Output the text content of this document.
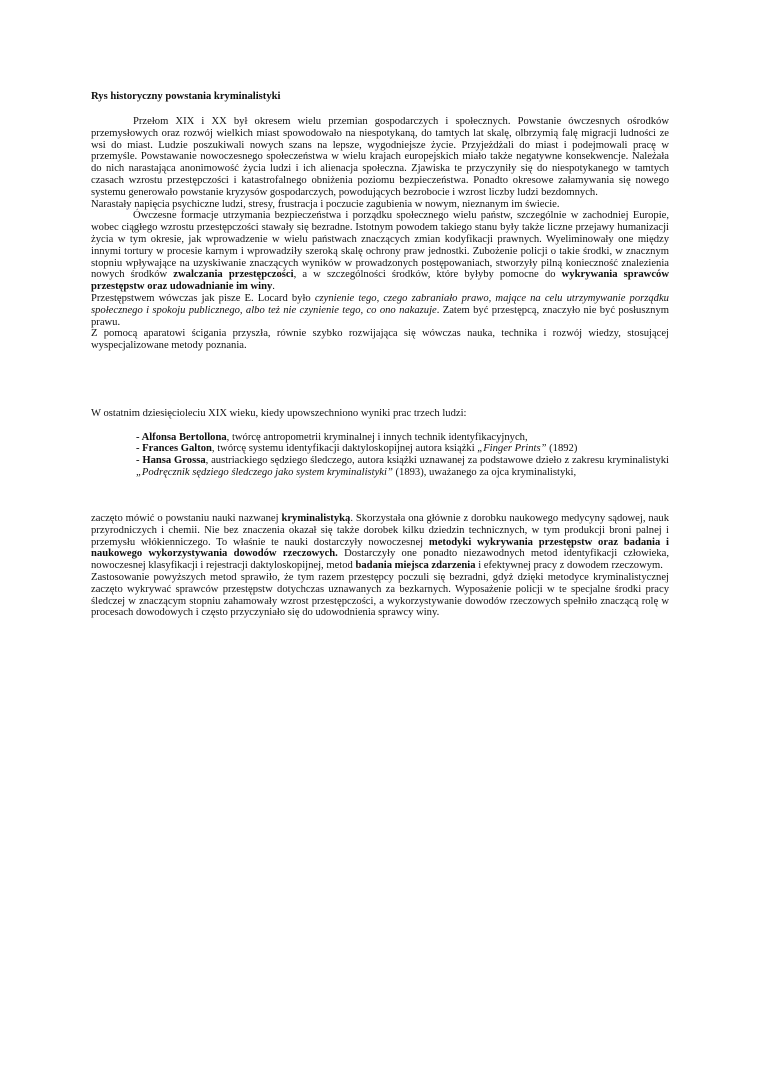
Rys historyczny powstania kryminalistyki

Przełom XIX i XX był okresem wielu przemian gospodarczych i społecznych. Powstanie ówczesnych ośrodków przemysłowych oraz rozwój wielkich miast spowodowało na niespotykaną, do tamtych lat skalę, olbrzymią falę migracji ludności ze wsi do miast. Ludzie poszukiwali nowych szans na lepsze, wygodniejsze życie. Przyjeżdżali do miast i podejmowali pracę w przemyśle. Powstawanie nowoczesnego społeczeństwa w wielu krajach europejskich miało także negatywne konsekwencje. Należała do nich narastająca anonimowość życia ludzi i ich alienacja społeczna. Zjawiska te przyczyniły się do niespotykanego w tamtych czasach wzrostu przestępczości i katastrofalnego obniżenia poziomu bezpieczeństwa. Ponadto okresowe załamywania się nowego systemu generowało powstanie kryzysów gospodarczych, powodujących bezrobocie i wzrost liczby ludzi bezdomnych.

Narastały napięcia psychiczne ludzi, stresy, frustracja i poczucie zagubienia w nowym, nieznanym im świecie.

Ówczesne formacje utrzymania bezpieczeństwa i porządku społecznego wielu państw, szczególnie w zachodniej Europie, wobec ciągłego wzrostu przestępczości stawały się bezradne. Istotnym powodem takiego stanu były także liczne przejawy humanizacji życia w tym okresie, jak wprowadzenie w wielu państwach znaczących zmian kodyfikacji prawnych. Wyeliminowały one między innymi tortury w procesie karnym i wprowadziły szeroką skalę ochrony praw jednostki. Zubożenie policji o takie środki, w znacznym stopniu wpływające na uzyskiwanie znaczących wyników w prowadzonych postępowaniach, stworzyły pilną konieczność znalezienia nowych środków zwalczania przestępczości, a w szczególności środków, które byłyby pomocne do wykrywania sprawców przestępstw oraz udowadnianie im winy.

Przestępstwem wówczas jak pisze E. Locard było czynienie tego, czego zabraniało prawo, mające na celu utrzymywanie porządku społecznego i spokoju publicznego, albo też nie czynienie tego, co ono nakazuje. Zatem być przestępcą, znaczyło nie być posłusznym prawu.

Z pomocą aparatowi ścigania przyszła, równie szybko rozwijająca się wówczas nauka, technika i rozwój wiedzy, stosującej wyspecjalizowane metody poznania.

W ostatnim dziesięcioleciu XIX wieku, kiedy upowszechniono wyniki prac trzech ludzi:

- Alfonsa Bertollona, twórcę antropometrii kryminalnej i innych technik identyfikacyjnych,

- Frances Galton, twórcę systemu identyfikacji daktyloskopijnej autora książki „Finger Prints” (1892)

- Hansa Grossa, austriackiego sędziego śledczego, autora książki uznawanej za podstawowe dzieło z zakresu kryminalistyki „Podręcznik sędziego śledczego jako system kryminalistyki” (1893), uważanego za ojca kryminalistyki,

zaczęto mówić o powstaniu nauki nazwanej kryminalistyką. Skorzystała ona głównie z dorobku naukowego medycyny sądowej, nauk przyrodniczych i chemii. Nie bez znaczenia okazał się także dorobek kilku dziedzin technicznych, w tym produkcji broni palnej i przemysłu włókienniczego. To właśnie te nauki dostarczyły nowoczesnej metodyki wykrywania przestępstw oraz badania i naukowego wykorzystywania dowodów rzeczowych. Dostarczyły one ponadto niezawodnych metod identyfikacji człowieka, nowoczesnej klasyfikacji i rejestracji daktyloskopijnej, metod badania miejsca zdarzenia i efektywnej pracy z dowodem rzeczowym.

Zastosowanie powyższych metod sprawiło, że tym razem przestępcy poczuli się bezradni, gdyż dzięki metodyce kryminalistycznej zaczęto wykrywać sprawców przestępstw dotychczas uznawanych za bezkarnych. Wyposażenie policji w te specjalne środki pracy śledczej w znaczącym stopniu zahamowały wzrost przestępczości, a wykorzystywanie dowodów rzeczowych spełniło znaczącą rolę w procesach dowodowych i często przyczyniało się do udowodnienia sprawcy winy.
